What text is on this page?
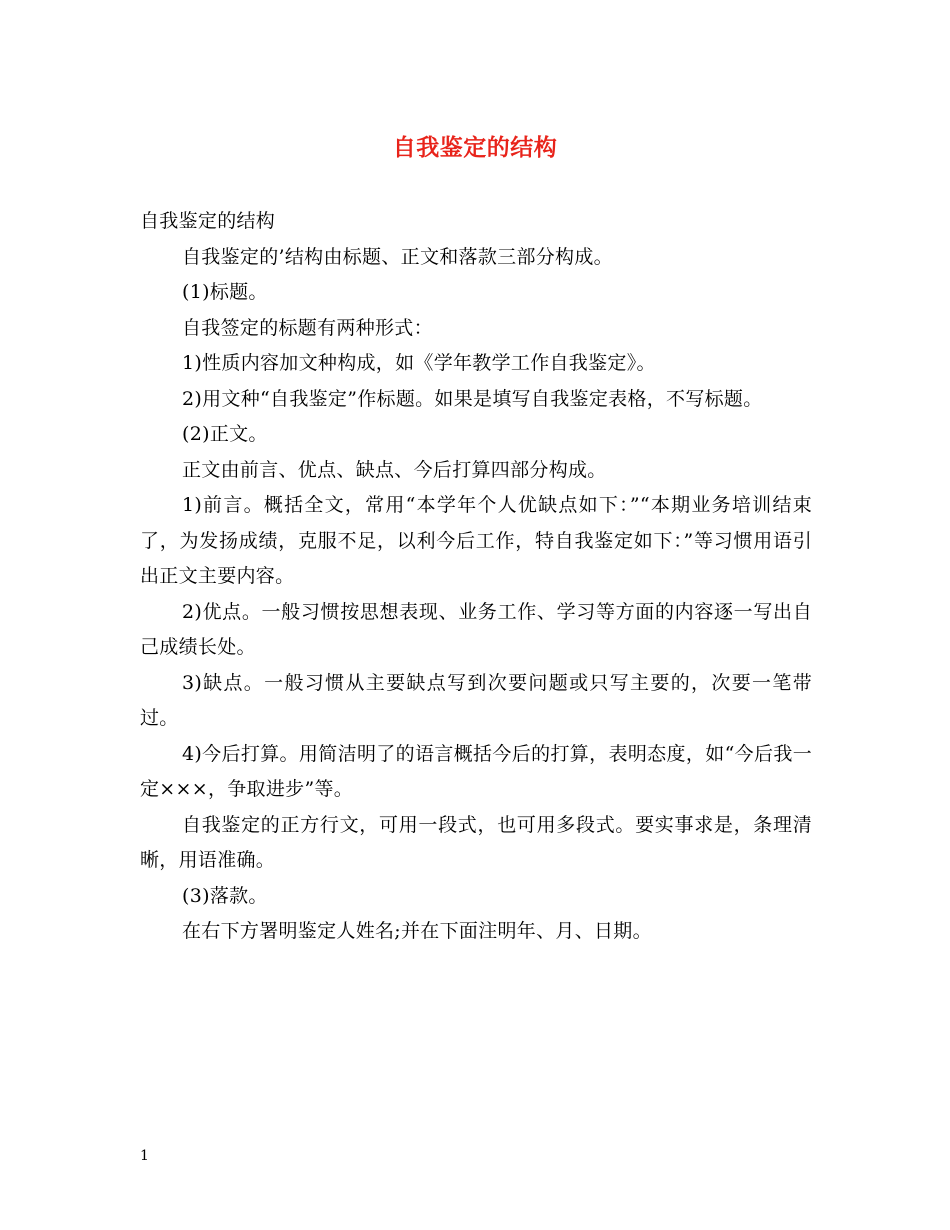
自我鉴定的结构

自我鉴定的结构

自我鉴定的’结构由标题、正文和落款三部分构成。

(1)标题。

自我签定的标题有两种形式：

1)性质内容加文种构成，如《学年教学工作自我鉴定》。

2)用文种“自我鉴定”作标题。如果是填写自我鉴定表格，不写标题。

(2)正文。

正文由前言、优点、缺点、今后打算四部分构成。

1)前言。概括全文，常用“本学年个人优缺点如下：”“本期业务培训结束了，为发扬成绩，克服不足，以利今后工作，特自我鉴定如下：”等习惯用语引出正文主要内容。

2)优点。一般习惯按思想表现、业务工作、学习等方面的内容逐一写出自己成绩长处。

3)缺点。一般习惯从主要缺点写到次要问题或只写主要的，次要一笔带过。

4)今后打算。用简洁明了的语言概括今后的打算，表明态度，如“今后我一定×××，争取进步”等。

自我鉴定的正方行文，可用一段式，也可用多段式。要实事求是，条理清晰，用语准确。

(3)落款。

在右下方署明鉴定人姓名;并在下面注明年、月、日期。

1
